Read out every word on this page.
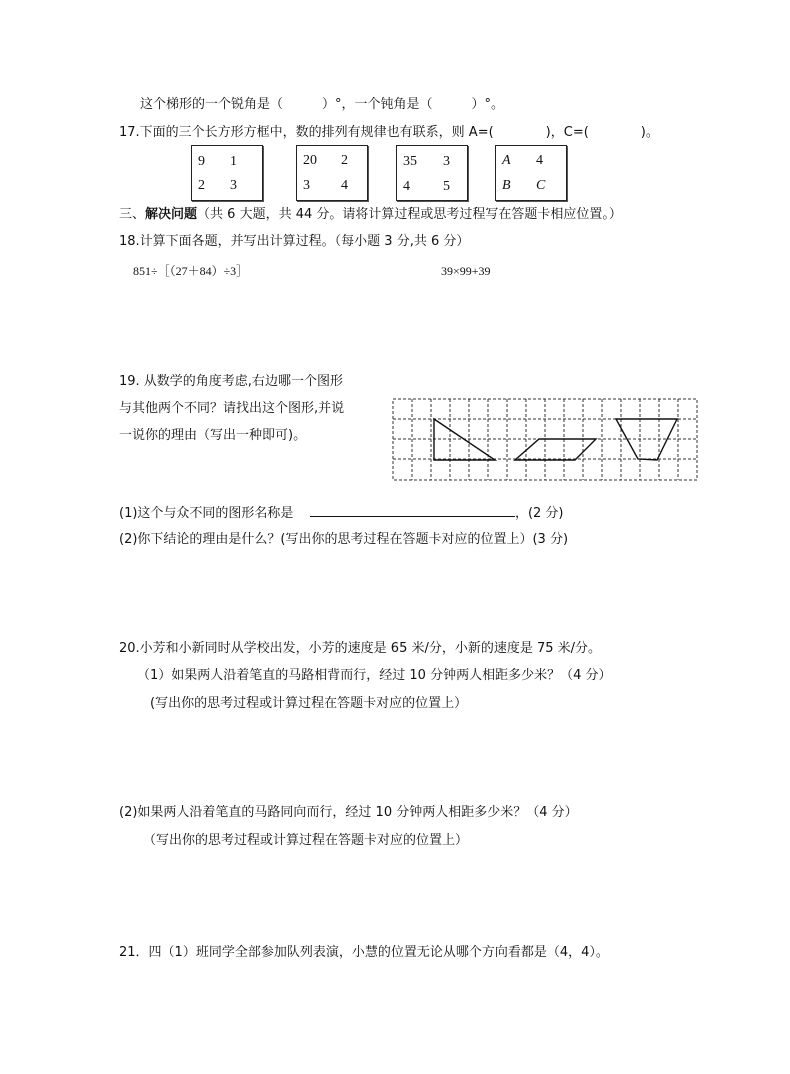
这个梯形的一个锐角是（　　　）°，一个钝角是（　　　）°。
17.下面的三个长方形方框中，数的排列有规律也有联系，则 A=(　　　　)，C=(　　　　)。
9 1
2 3
20 2
3 4
35 3
4 5
A 4
B C
三、解决问题（共 6 大题，共 44 分。请将计算过程或思考过程写在答题卡相应位置。）
18.计算下面各题，并写出计算过程。（每小题 3 分,共 6 分）
851÷［（27＋84）÷3］	39×99+39
19. 从数学的角度考虑,右边哪一个图形
与其他两个不同？请找出这个图形,并说
一说你的理由（写出一种即可)。
(1)这个与众不同的图形名称是	，(2 分)
(2)你下结论的理由是什么？(写出你的思考过程在答题卡对应的位置上）(3 分)
20.小芳和小新同时从学校出发，小芳的速度是 65 米/分，小新的速度是 75 米/分。
（1）如果两人沿着笔直的马路相背而行，经过 10 分钟两人相距多少米？（4 分）
(写出你的思考过程或计算过程在答题卡对应的位置上）
(2)如果两人沿着笔直的马路同向而行，经过 10 分钟两人相距多少米？（4 分）
（写出你的思考过程或计算过程在答题卡对应的位置上）
21．四（1）班同学全部参加队列表演，小慧的位置无论从哪个方向看都是（4，4）。
